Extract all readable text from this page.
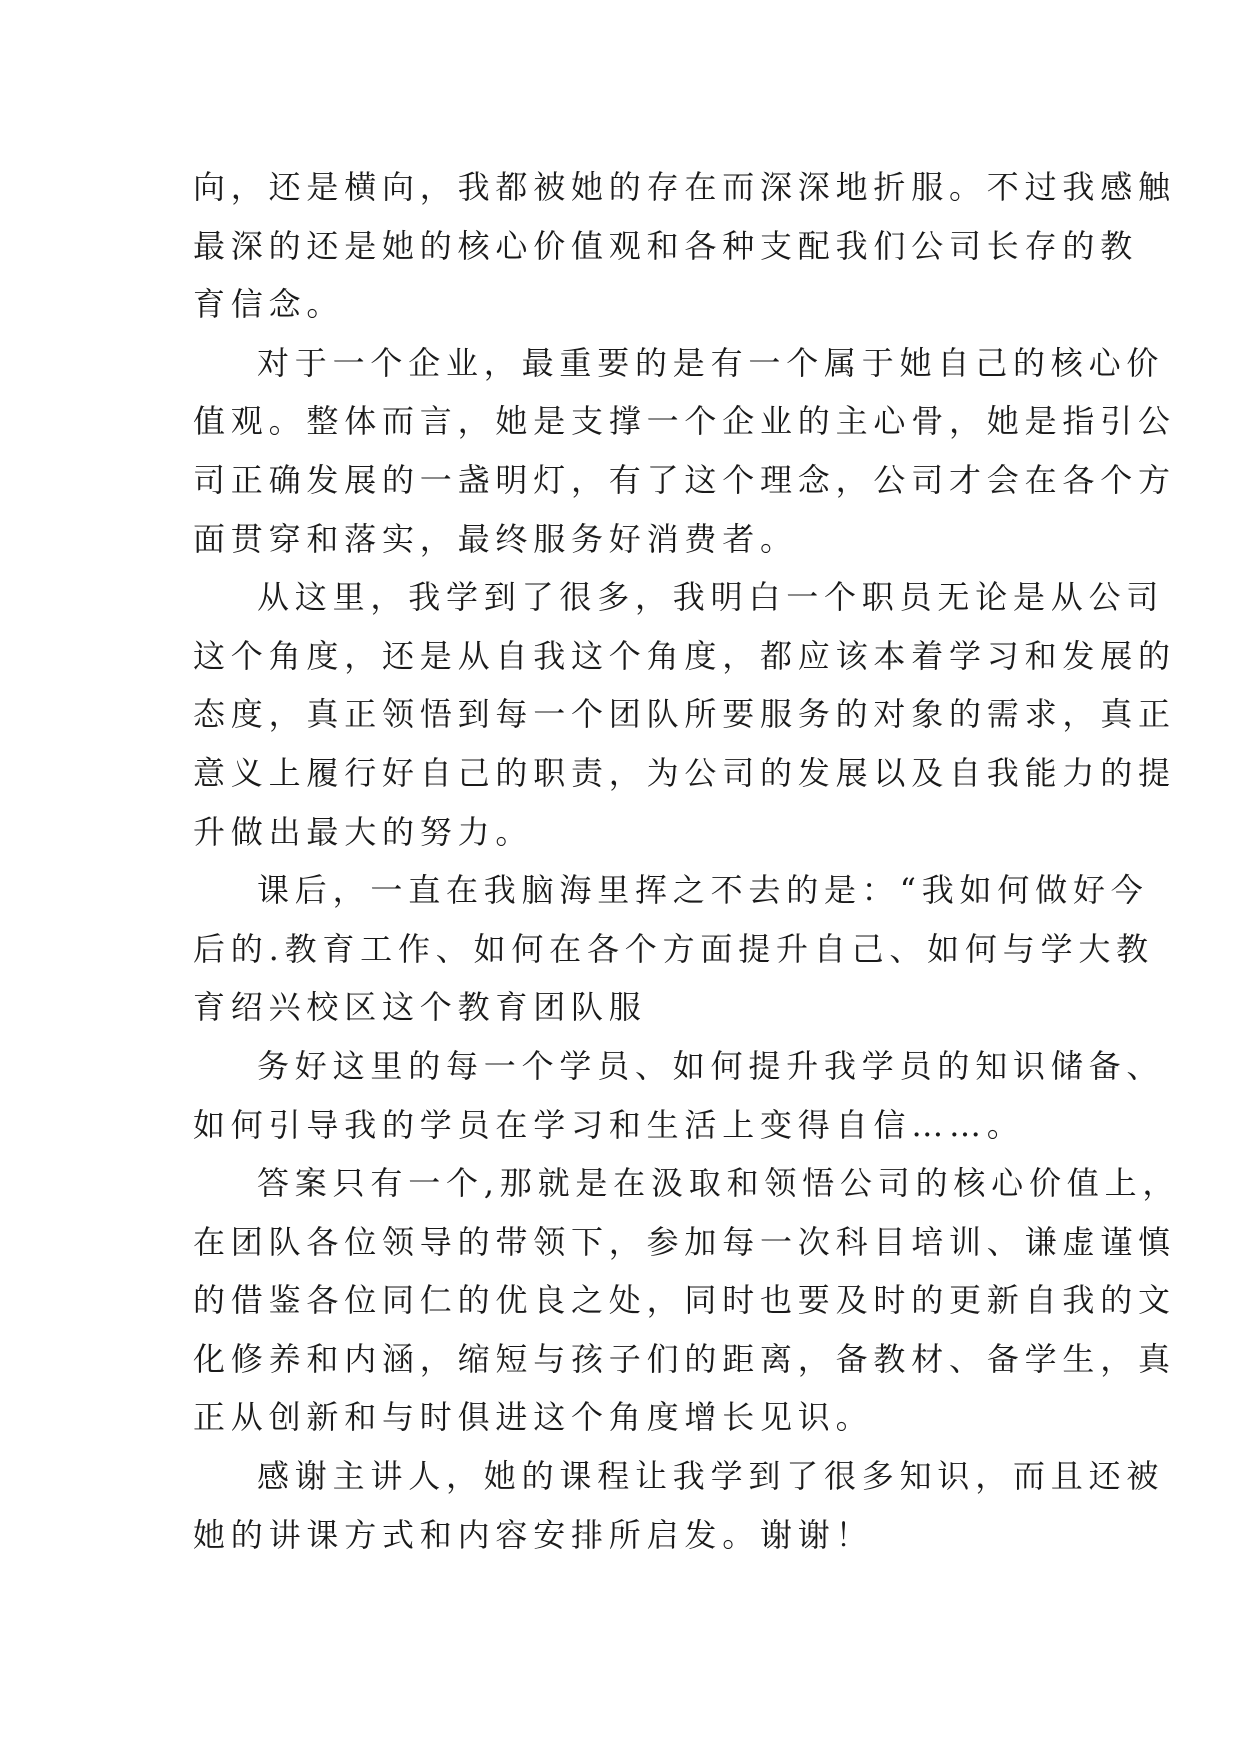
向，还是横向，我都被她的存在而深深地折服。不过我感触
最深的还是她的核心价值观和各种支配我们公司长存的教
育信念。
对于一个企业，最重要的是有一个属于她自己的核心价
值观。整体而言，她是支撑一个企业的主心骨，她是指引公
司正确发展的一盏明灯，有了这个理念，公司才会在各个方
面贯穿和落实，最终服务好消费者。
从这里，我学到了很多，我明白一个职员无论是从公司
这个角度，还是从自我这个角度，都应该本着学习和发展的
态度，真正领悟到每一个团队所要服务的对象的需求，真正
意义上履行好自己的职责，为公司的发展以及自我能力的提
升做出最大的努力。
课后，一直在我脑海里挥之不去的是：“我如何做好今
后的.教育工作、如何在各个方面提升自己、如何与学大教
育绍兴校区这个教育团队服
务好这里的每一个学员、如何提升我学员的知识储备、
如何引导我的学员在学习和生活上变得自信……。
答案只有一个,那就是在汲取和领悟公司的核心价值上，
在团队各位领导的带领下，参加每一次科目培训、谦虚谨慎
的借鉴各位同仁的优良之处，同时也要及时的更新自我的文
化修养和内涵，缩短与孩子们的距离，备教材、备学生，真
正从创新和与时俱进这个角度增长见识。
感谢主讲人，她的课程让我学到了很多知识，而且还被
她的讲课方式和内容安排所启发。谢谢！
